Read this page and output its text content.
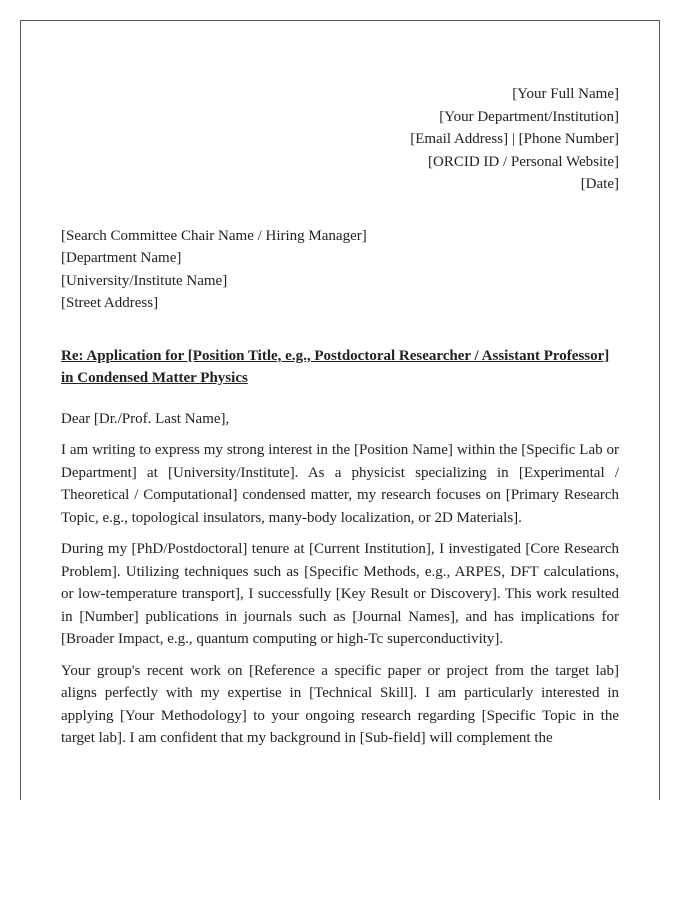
[Your Full Name]
[Your Department/Institution]
[Email Address] | [Phone Number]
[ORCID ID / Personal Website]
[Date]
[Search Committee Chair Name / Hiring Manager]
[Department Name]
[University/Institute Name]
[Street Address]
Re: Application for [Position Title, e.g., Postdoctoral Researcher / Assistant Professor] in Condensed Matter Physics
Dear [Dr./Prof. Last Name],

I am writing to express my strong interest in the [Position Name] within the [Specific Lab or Department] at [University/Institute]. As a physicist specializing in [Experimental / Theoretical / Computational] condensed matter, my research focuses on [Primary Research Topic, e.g., topological insulators, many-body localization, or 2D Materials].

During my [PhD/Postdoctoral] tenure at [Current Institution], I investigated [Core Research Problem]. Utilizing techniques such as [Specific Methods, e.g., ARPES, DFT calculations, or low-temperature transport], I successfully [Key Result or Discovery]. This work resulted in [Number] publications in journals such as [Journal Names], and has implications for [Broader Impact, e.g., quantum computing or high-Tc superconductivity].

Your group's recent work on [Reference a specific paper or project from the target lab] aligns perfectly with my expertise in [Technical Skill]. I am particularly interested in applying [Your Methodology] to your ongoing research regarding [Specific Topic in the target lab]. I am confident that my background in [Sub-field] will complement the
